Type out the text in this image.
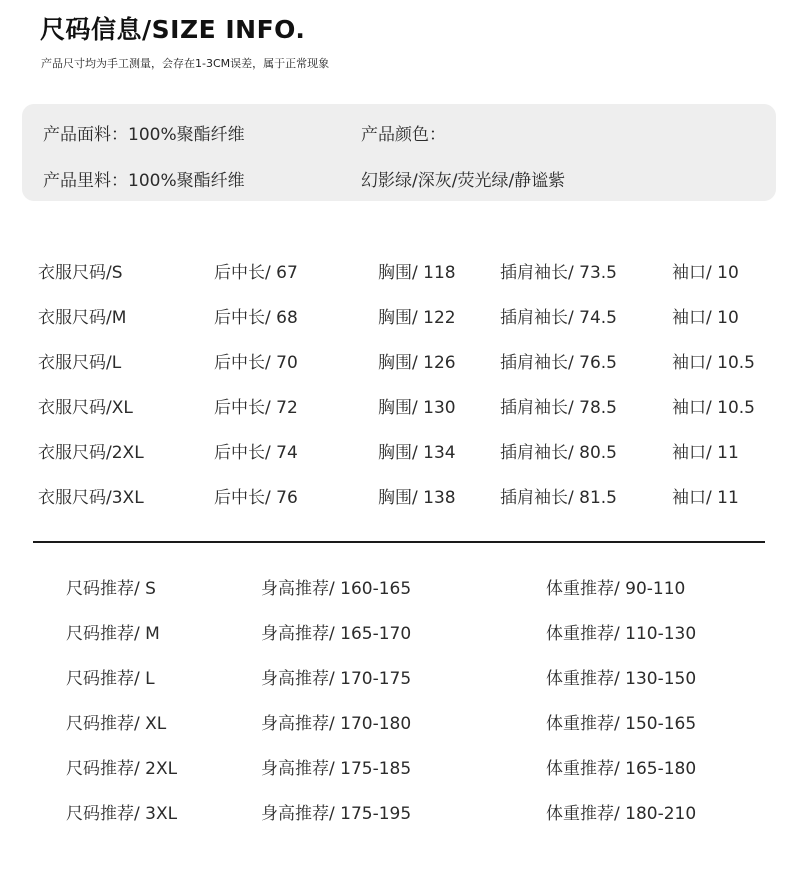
尺码信息/SIZE INFO.
产品尺寸均为手工测量，会存在1-3CM误差，属于正常现象
产品面料：100%聚酯纤维	产品颜色：
产品里料：100%聚酯纤维	幻影绿/深灰/荧光绿/静谧紫
衣服尺码/S	后中长/ 67	胸围/ 118	插肩袖长/ 73.5	袖口/ 10
衣服尺码/M	后中长/ 68	胸围/ 122	插肩袖长/ 74.5	袖口/ 10
衣服尺码/L	后中长/ 70	胸围/ 126	插肩袖长/ 76.5	袖口/ 10.5
衣服尺码/XL	后中长/ 72	胸围/ 130	插肩袖长/ 78.5	袖口/ 10.5
衣服尺码/2XL	后中长/ 74	胸围/ 134	插肩袖长/ 80.5	袖口/ 11
衣服尺码/3XL	后中长/ 76	胸围/ 138	插肩袖长/ 81.5	袖口/ 11
尺码推荐/ S	身高推荐/ 160-165	体重推荐/ 90-110
尺码推荐/ M	身高推荐/ 165-170	体重推荐/ 110-130
尺码推荐/ L	身高推荐/ 170-175	体重推荐/ 130-150
尺码推荐/ XL	身高推荐/ 170-180	体重推荐/ 150-165
尺码推荐/ 2XL	身高推荐/ 175-185	体重推荐/ 165-180
尺码推荐/ 3XL	身高推荐/ 175-195	体重推荐/ 180-210
